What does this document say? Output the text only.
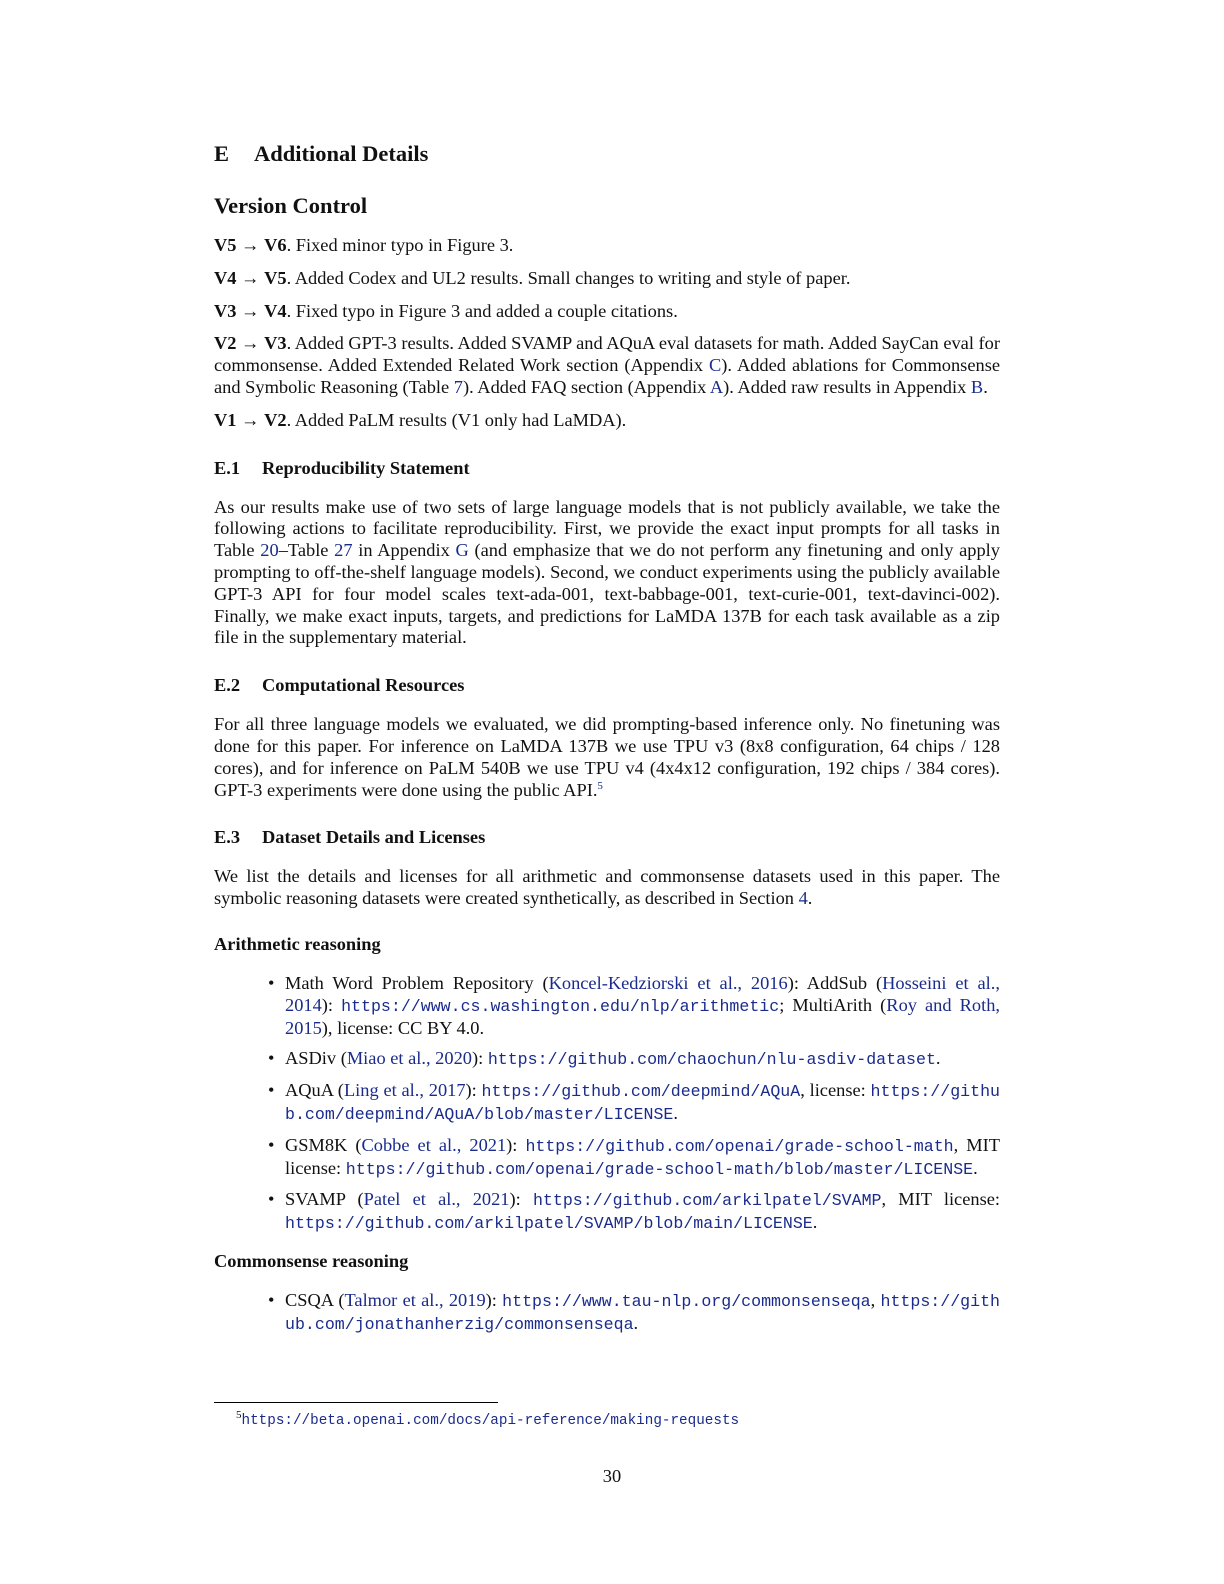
E Additional Details
Version Control

V5 → V6. Fixed minor typo in Figure 3.

V4 → V5. Added Codex and UL2 results. Small changes to writing and style of paper.

V3 → V4. Fixed typo in Figure 3 and added a couple citations.

V2 → V3. Added GPT-3 results. Added SVAMP and AQuA eval datasets for math. Added SayCan eval for commonsense. Added Extended Related Work section (Appendix C). Added ablations for Commonsense and Symbolic Reasoning (Table 7). Added FAQ section (Appendix A). Added raw results in Appendix B.

V1 → V2. Added PaLM results (V1 only had LaMDA).

E.1 Reproducibility Statement

As our results make use of two sets of large language models that is not publicly available, we take the following actions to facilitate reproducibility. First, we provide the exact input prompts for all tasks in Table 20–Table 27 in Appendix G (and emphasize that we do not perform any finetuning and only apply prompting to off-the-shelf language models). Second, we conduct experiments using the publicly available GPT-3 API for four model scales text-ada-001, text-babbage-001, text-curie-001, text-davinci-002). Finally, we make exact inputs, targets, and predictions for LaMDA 137B for each task available as a zip file in the supplementary material.

E.2 Computational Resources

For all three language models we evaluated, we did prompting-based inference only. No finetuning was done for this paper. For inference on LaMDA 137B we use TPU v3 (8x8 configuration, 64 chips / 128 cores), and for inference on PaLM 540B we use TPU v4 (4x4x12 configuration, 192 chips / 384 cores). GPT-3 experiments were done using the public API.$^5$

E.3 Dataset Details and Licenses

We list the details and licenses for all arithmetic and commonsense datasets used in this paper. The symbolic reasoning datasets were created synthetically, as described in Section 4.

Arithmetic reasoning
• Math Word Problem Repository (Koncel-Kedziorski et al., 2016): AddSub (Hosseini et al., 2014): https://www.cs.washington.edu/nlp/arithmetic; MultiArith (Roy and Roth, 2015), license: CC BY 4.0.
• ASDiv (Miao et al., 2020): https://github.com/chaochun/nlu-asdiv-dataset.
• AQuA (Ling et al., 2017): https://github.com/deepmind/AQuA, license: https://github.com/deepmind/AQuA/blob/master/LICENSE.
• GSM8K (Cobbe et al., 2021): https://github.com/openai/grade-school-math, MIT license: https://github.com/openai/grade-school-math/blob/master/LICENSE.
• SVAMP (Patel et al., 2021): https://github.com/arkilpatel/SVAMP, MIT license: https://github.com/arkilpatel/SVAMP/blob/main/LICENSE.
Commonsense reasoning
• CSQA (Talmor et al., 2019): https://www.tau-nlp.org/commonsenseqa, https://github.com/jonathanherzig/commonsenseqa.
$^5$https://beta.openai.com/docs/api-reference/making-requests
30
